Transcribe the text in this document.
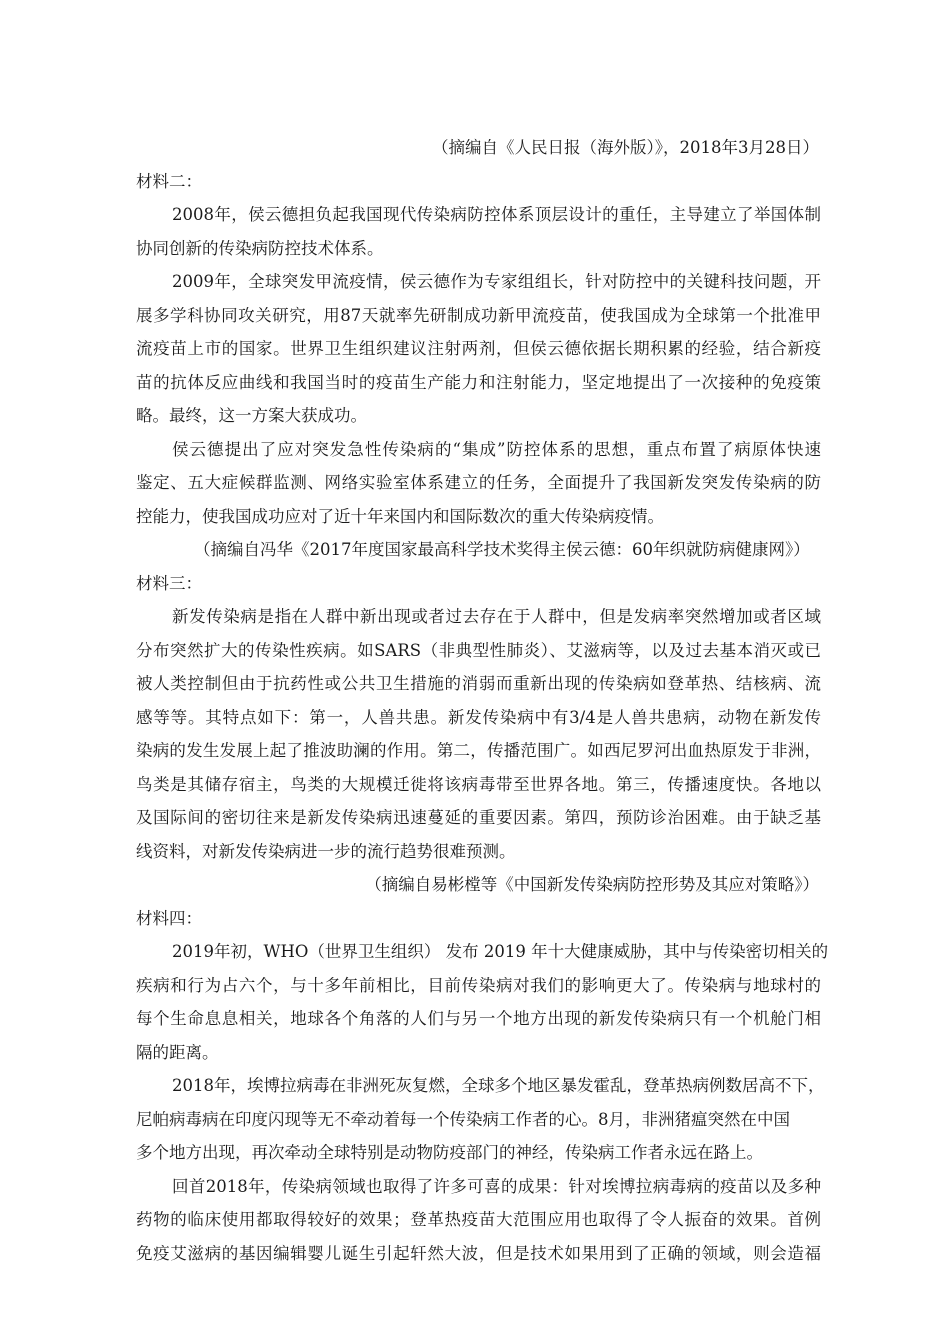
（摘编自《人民日报（海外版）》，2018年3月28日）
材料二：
2008年，侯云德担负起我国现代传染病防控体系顶层设计的重任，主导建立了举国体制
协同创新的传染病防控技术体系。
2009年，全球突发甲流疫情，侯云德作为专家组组长，针对防控中的关键科技问题，开
展多学科协同攻关研究，用87天就率先研制成功新甲流疫苗，使我国成为全球第一个批准甲
流疫苗上市的国家。世界卫生组织建议注射两剂，但侯云德依据长期积累的经验，结合新疫
苗的抗体反应曲线和我国当时的疫苗生产能力和注射能力，坚定地提出了一次接种的免疫策
略。最终，这一方案大获成功。
侯云德提出了应对突发急性传染病的“集成”防控体系的思想，重点布置了病原体快速
鉴定、五大症候群监测、网络实验室体系建立的任务，全面提升了我国新发突发传染病的防
控能力，使我国成功应对了近十年来国内和国际数次的重大传染病疫情。
（摘编自冯华《2017年度国家最高科学技术奖得主侯云德：60年织就防病健康网》）
材料三：
新发传染病是指在人群中新出现或者过去存在于人群中，但是发病率突然增加或者区域
分布突然扩大的传染性疾病。如SARS（非典型性肺炎）、艾滋病等，以及过去基本消灭或已
被人类控制但由于抗药性或公共卫生措施的消弱而重新出现的传染病如登革热、结核病、流
感等等。其特点如下：第一，人兽共患。新发传染病中有3/4是人兽共患病，动物在新发传
染病的发生发展上起了推波助澜的作用。第二，传播范围广。如西尼罗河出血热原发于非洲，
鸟类是其储存宿主，鸟类的大规模迁徙将该病毒带至世界各地。第三，传播速度快。各地以
及国际间的密切往来是新发传染病迅速蔓延的重要因素。第四，预防诊治困难。由于缺乏基
线资料，对新发传染病进一步的流行趋势很难预测。
（摘编自易彬樘等《中国新发传染病防控形势及其应对策略》）
材料四：
2019年初，WHO（世界卫生组织） 发布 2019 年十大健康威胁，其中与传染密切相关的
疾病和行为占六个，与十多年前相比，目前传染病对我们的影响更大了。传染病与地球村的
每个生命息息相关，地球各个角落的人们与另一个地方出现的新发传染病只有一个机舱门相
隔的距离。
2018年，埃博拉病毒在非洲死灰复燃，全球多个地区暴发霍乱，登革热病例数居高不下，
尼帕病毒病在印度闪现等无不牵动着每一个传染病工作者的心。8月，非洲猪瘟突然在中国
多个地方出现，再次牵动全球特别是动物防疫部门的神经，传染病工作者永远在路上。
回首2018年，传染病领域也取得了许多可喜的成果：针对埃博拉病毒病的疫苗以及多种
药物的临床使用都取得较好的效果；登革热疫苗大范围应用也取得了令人振奋的效果。首例
免疫艾滋病的基因编辑婴儿诞生引起轩然大波，但是技术如果用到了正确的领域，则会造福
